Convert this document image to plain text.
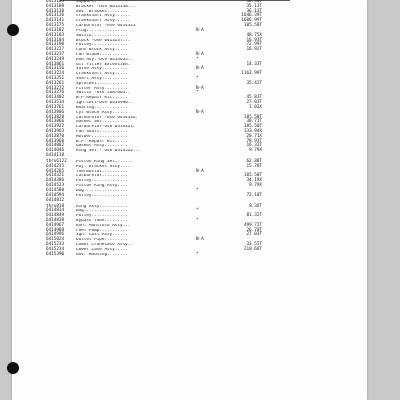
6413105	Support.	30.38T
6413108	Bracket -Use 6413138...	35.13T
6413130	Gov. Bracket........	36.13T
6413136	Crankshaft Assy......	1646.39T
6413141	Crankshaft Assy......	1606.99T
6413175	Carburetor -Use 6414321	185.50T
6413182	Plug................	N-A
6413183	Switch..............	48.75X
6413184	Block -Use 6413237...	16.93T
6413190	Pulley..............	72.99T
6413227	Cons Block Assy.....	16.92T
6413237	Fan Blade...........	N-A
6413249	Rod Asy.-Use 6413635..	*
6413861	Oil Filter Extension.	14.33T
6413156	Valve Assy..........	N-A
6413224	Crankshaft Assy.....	1162.99T
6413251	Shaft Assy..........	*
6413261	Sprocket............	35.42T
6413272	Filter Assy.........	N-A
6413276	Switch -Use 5487663..	*
6413402	W.P.Repair Kit......	45.83T
6413514	Ign.Coil-Use 6414996..	27.03T
6413761	Bearing.............	1.03X
6413806	Cyl Block Assy......	N-A
6413828	Carburetor -Use 6414324.	185.50T
6413866	Gasket Set..........	30.71T
6413922	Carburetor-Use 6414321.	185.50T
6413963	Fan Shaft...........	133.94X
6413870	Holder..............	20.71X
6413960	W.P. Repair Kit.....	78.93T
6414002	Gasket Assy.........	16.33T
6414046	Ring Set - Use 6414522...	9.79X
6414118
thru6122	Piston Ring Set.......	62.88T
6414215	Adj. Bracket Assy....	15.76T
6414265	Thermostat..........	N-A
6414321	Carburetor..........	185.50T
6414386	Pulley..............	34.19X
6414523	Piston Ring Assy....	9.79X
6414580	Dog.................	*
6414594	Pulley..............	72.18T
6414812
thru818	Ring Assy...........	8.36T
6414814	Dog.................	*
6414849	Pulley..............	81.32T
6414838	Bypass Tube.........	*
6414967	Exh. Manifold Assy...	499.72T
6414988	Fuel Pump...........	26.78T
6414996	Ign. Coil Assy......	27.03T
6415024	Outlet Pipe.........	N-A
6415233	Lower Crankcase Assy..	33.55T
6415234	Lower Case Assy.....	210.66T
6415390	Gov. Housing........	*
